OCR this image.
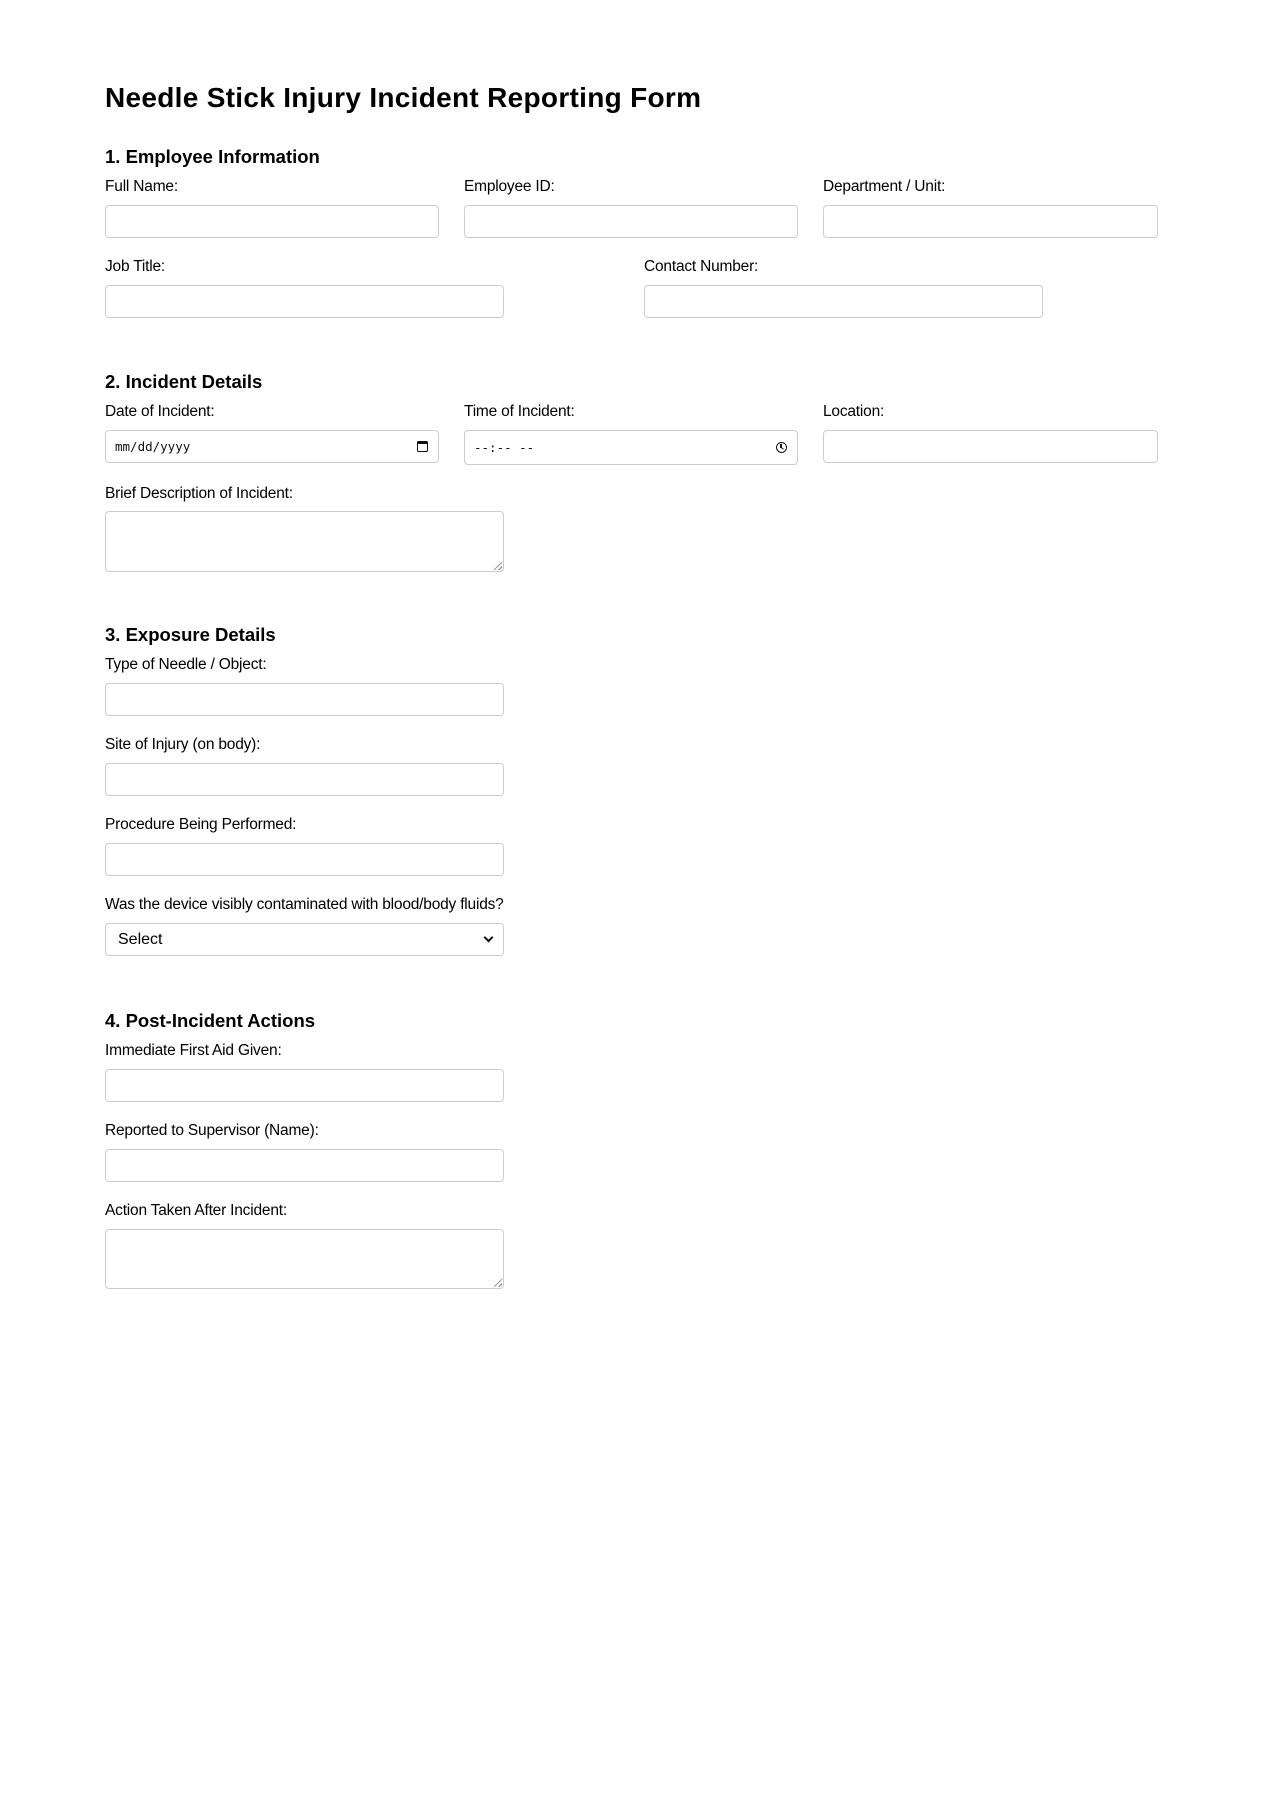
Needle Stick Injury Incident Reporting Form
1. Employee Information
Full Name:	Employee ID:	Department / Unit:
Job Title:	Contact Number:
2. Incident Details
Date of Incident:
mm/dd/yyyy
Time of Incident:
--:-- --
Location:
Brief Description of Incident:
3. Exposure Details
Type of Needle / Object:
Site of Injury (on body):
Procedure Being Performed:
Was the device visibly contaminated with blood/body fluids?
Select
4. Post-Incident Actions
Immediate First Aid Given:
Reported to Supervisor (Name):
Action Taken After Incident:
